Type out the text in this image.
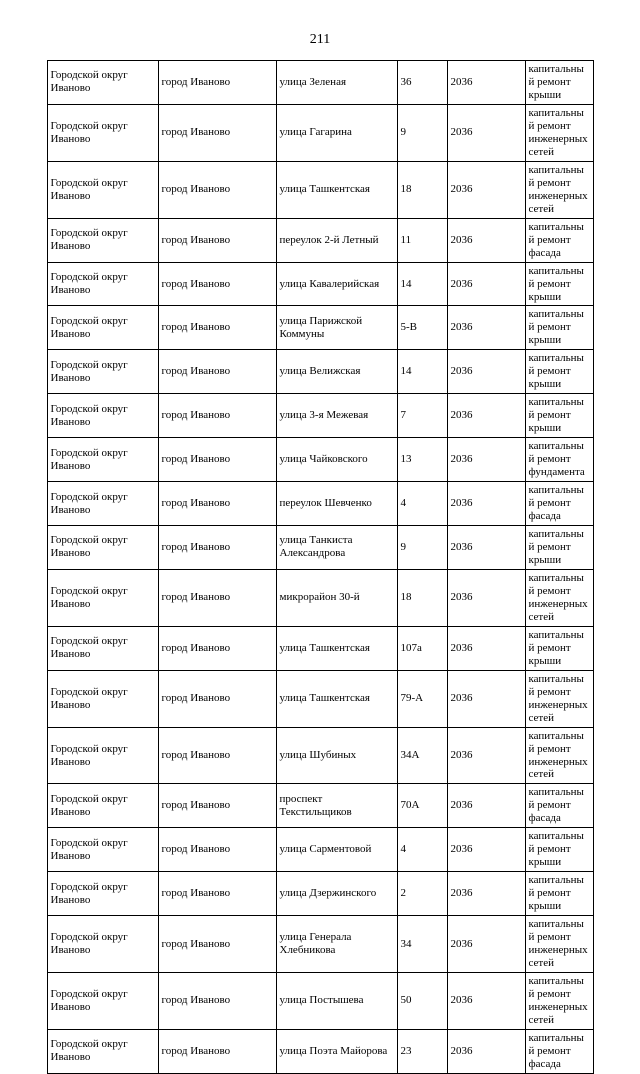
211
Городской округ Иваново	город Иваново	улица Зеленая	36	2036	капитальный ремонт крыши
Городской округ Иваново	город Иваново	улица Гагарина	9	2036	капитальный ремонт инженерных сетей
Городской округ Иваново	город Иваново	улица Ташкентская	18	2036	капитальный ремонт инженерных сетей
Городской округ Иваново	город Иваново	переулок 2-й Летный	11	2036	капитальный ремонт фасада
Городской округ Иваново	город Иваново	улица Кавалерийская	14	2036	капитальный ремонт крыши
Городской округ Иваново	город Иваново	улица Парижской Коммуны	5-В	2036	капитальный ремонт крыши
Городской округ Иваново	город Иваново	улица Велижская	14	2036	капитальный ремонт крыши
Городской округ Иваново	город Иваново	улица 3-я Межевая	7	2036	капитальный ремонт крыши
Городской округ Иваново	город Иваново	улица Чайковского	13	2036	капитальный ремонт фундамента
Городской округ Иваново	город Иваново	переулок Шевченко	4	2036	капитальный ремонт фасада
Городской округ Иваново	город Иваново	улица Танкиста Александрова	9	2036	капитальный ремонт крыши
Городской округ Иваново	город Иваново	микрорайон 30-й	18	2036	капитальный ремонт инженерных сетей
Городской округ Иваново	город Иваново	улица Ташкентская	107а	2036	капитальный ремонт крыши
Городской округ Иваново	город Иваново	улица Ташкентская	79-А	2036	капитальный ремонт инженерных сетей
Городской округ Иваново	город Иваново	улица Шубиных	34А	2036	капитальный ремонт инженерных сетей
Городской округ Иваново	город Иваново	проспект Текстильщиков	70А	2036	капитальный ремонт фасада
Городской округ Иваново	город Иваново	улица Сарментовой	4	2036	капитальный ремонт крыши
Городской округ Иваново	город Иваново	улица Дзержинского	2	2036	капитальный ремонт крыши
Городской округ Иваново	город Иваново	улица Генерала Хлебникова	34	2036	капитальный ремонт инженерных сетей
Городской округ Иваново	город Иваново	улица Постышева	50	2036	капитальный ремонт инженерных сетей
Городской округ Иваново	город Иваново	улица Поэта Майорова	23	2036	капитальный ремонт фасада
